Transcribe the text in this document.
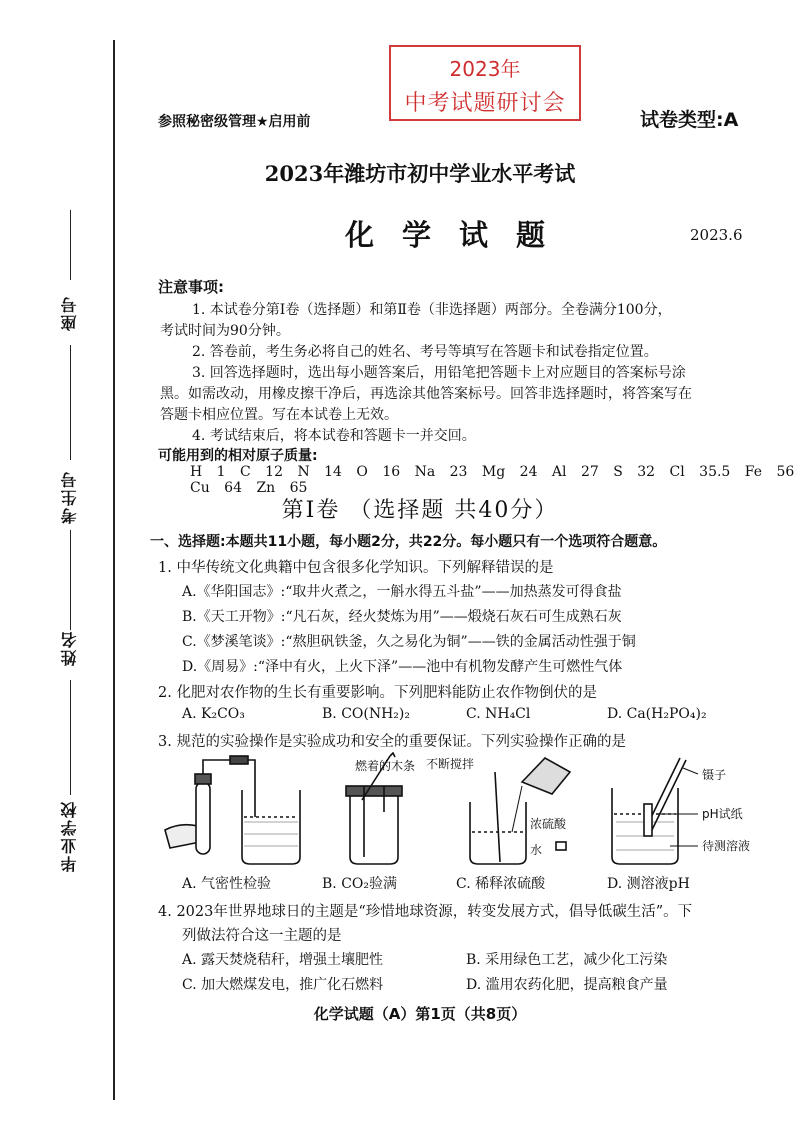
座号
考生号
姓名
毕业学校
2023年
中考试题研讨会
参照秘密级管理★启用前	试卷类型:A
2023年潍坊市初中学业水平考试
化学试题	2023.6
注意事项:
1. 本试卷分第Ⅰ卷（选择题）和第Ⅱ卷（非选择题）两部分。全卷满分100分，
考试时间为90分钟。
2. 答卷前，考生务必将自己的姓名、考号等填写在答题卡和试卷指定位置。
3. 回答选择题时，选出每小题答案后，用铅笔把答题卡上对应题目的答案标号涂
黑。如需改动，用橡皮擦干净后，再选涂其他答案标号。回答非选择题时，将答案写在
答题卡相应位置。写在本试卷上无效。
4. 考试结束后，将本试卷和答题卡一并交回。
可能用到的相对原子质量:
H 1 C 12 N 14 O 16 Na 23 Mg 24 Al 27 S 32 Cl 35.5 Fe 56 Cu 64 Zn 65
第Ⅰ卷 （选择题 共40分）
一、选择题:本题共11小题，每小题2分，共22分。每小题只有一个选项符合题意。
1. 中华传统文化典籍中包含很多化学知识。下列解释错误的是
A.《华阳国志》:“取井火煮之，一斛水得五斗盐”——加热蒸发可得食盐
B.《天工开物》:“凡石灰，经火焚炼为用”——煅烧石灰石可生成熟石灰
C.《梦溪笔谈》:“熬胆矾铁釜，久之易化为铜”——铁的金属活动性强于铜
D.《周易》:“泽中有火，上火下泽”——池中有机物发酵产生可燃性气体
2. 化肥对农作物的生长有重要影响。下列肥料能防止农作物倒伏的是
A. K₂CO₃	B. CO(NH₂)₂	C. NH₄Cl	D. Ca(H₂PO₄)₂
3. 规范的实验操作是实验成功和安全的重要保证。下列实验操作正确的是
燃着的木条 不断搅拌
浓硫酸
水
镊子
pH试纸
待测溶液
A. 气密性检验	B. CO₂验满	C. 稀释浓硫酸	D. 测溶液pH
4. 2023年世界地球日的主题是“珍惜地球资源，转变发展方式，倡导低碳生活”。下
列做法符合这一主题的是
A. 露天焚烧秸秆，增强土壤肥性	B. 采用绿色工艺，减少化工污染
C. 加大燃煤发电，推广化石燃料	D. 滥用农药化肥，提高粮食产量
化学试题（A）第1页（共8页）
